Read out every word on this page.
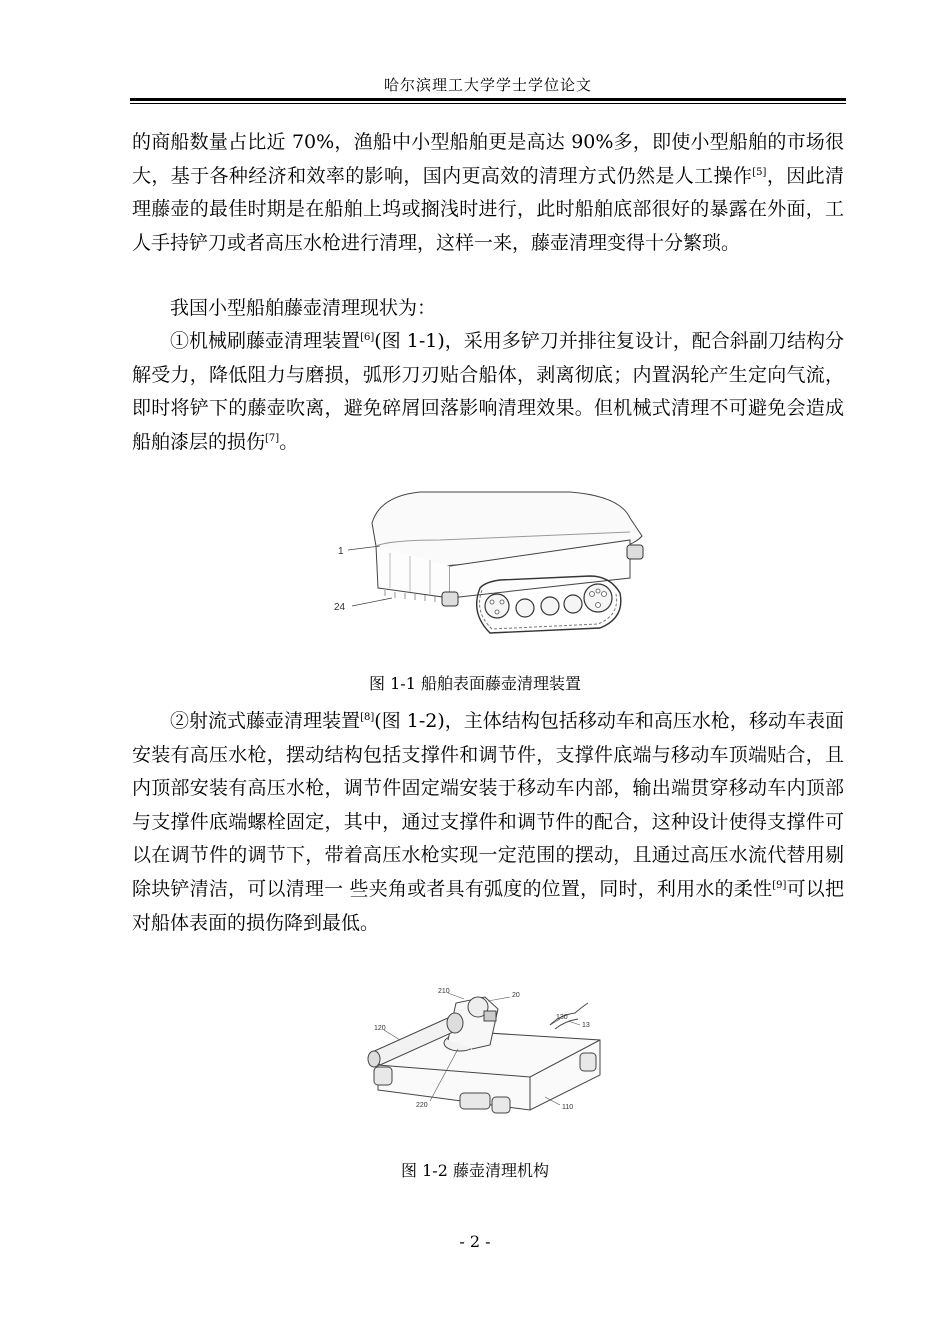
哈尔滨理工大学学士学位论文

的商船数量占比近 70%，渔船中小型船舶更是高达 90%多，即使小型船舶的市场很大，基于各种经济和效率的影响，国内更高效的清理方式仍然是人工操作[5]，因此清理藤壶的最佳时期是在船舶上坞或搁浅时进行，此时船舶底部很好的暴露在外面，工人手持铲刀或者高压水枪进行清理，这样一来，藤壶清理变得十分繁琐。

我国小型船舶藤壶清理现状为：

①机械刷藤壶清理装置[6](图 1-1)，采用多铲刀并排往复设计，配合斜副刀结构分解受力，降低阻力与磨损，弧形刀刃贴合船体，剥离彻底；内置涡轮产生定向气流，即时将铲下的藤壶吹离，避免碎屑回落影响清理效果。但机械式清理不可避免会造成船舶漆层的损伤[7]。

1
24
图 1-1 船舶表面藤壶清理装置

②射流式藤壶清理装置[8](图 1-2)，主体结构包括移动车和高压水枪，移动车表面安装有高压水枪，摆动结构包括支撑件和调节件，支撑件底端与移动车顶端贴合，且内顶部安装有高压水枪，调节件固定端安装于移动车内部，输出端贯穿移动车内顶部与支撑件底端螺栓固定，其中，通过支撑件和调节件的配合，这种设计使得支撑件可以在调节件的调节下，带着高压水枪实现一定范围的摆动，且通过高压水流代替用剔除块铲清洁，可以清理一 些夹角或者具有弧度的位置，同时，利用水的柔性[9]可以把对船体表面的损伤降到最低。

210
20
120
130
13
220	110
图 1-2 藤壶清理机构
- 2 -
